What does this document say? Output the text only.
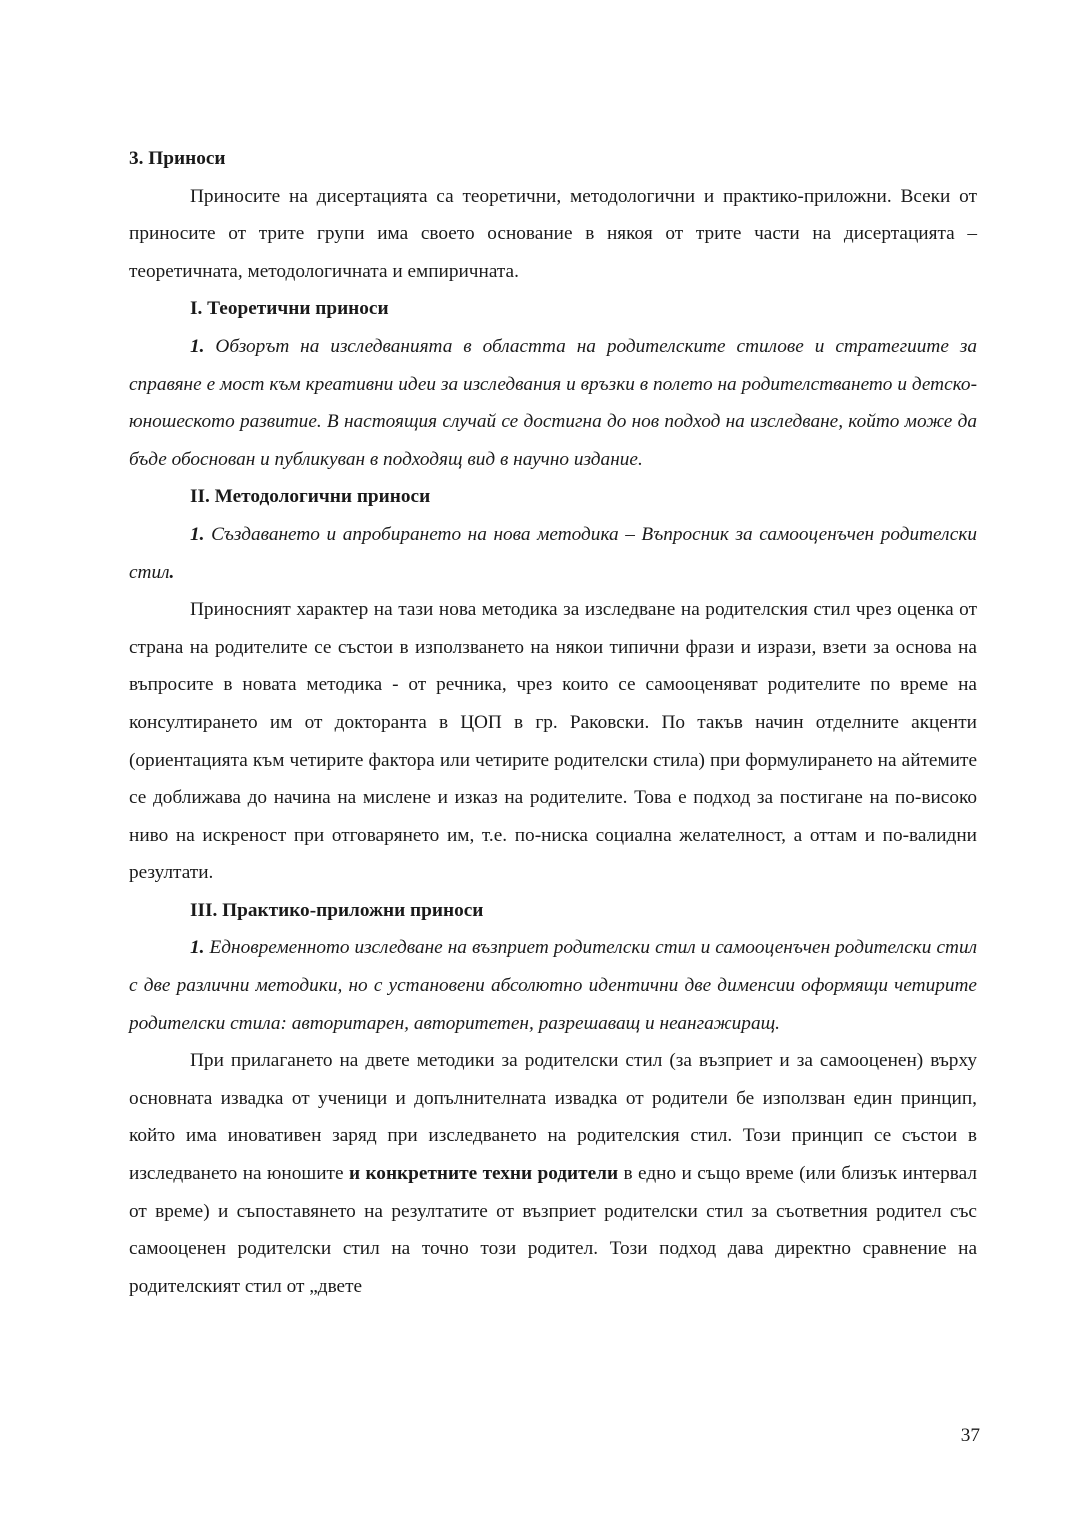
3. Приноси

Приносите на дисертацията са теоретични, методологични и практико-приложни. Всеки от приносите от трите групи има своето основание в някоя от трите части на дисертацията – теоретичната, методологичната и емпиричната.

I. Теоретични приноси

1. Обзорът на изследванията в областта на родителските стилове и стратегиите за справяне е мост към креативни идеи за изследвания и връзки в полето на родителстването и детско-юношеското развитие. В настоящия случай се достигна до нов подход на изследване, който може да бъде обоснован и публикуван в подходящ вид в научно издание.

II. Методологични приноси

1. Създаването и апробирането на нова методика – Въпросник за самооценъчен родителски стил.

Приносният характер на тази нова методика за изследване на родителския стил чрез оценка от страна на родителите се състои в използването на някои типични фрази и изрази, взети за основа на въпросите в новата методика - от речника, чрез които се самооценяват родителите по време на консултирането им от докторанта в ЦОП в гр. Раковски. По такъв начин отделните акценти (ориентацията към четирите фактора или четирите родителски стила) при формулирането на айтемите се доближава до начина на мислене и изказ на родителите. Това е подход за постигане на по-високо ниво на искреност при отговарянето им, т.е. по-ниска социална желателност, а оттам и по-валидни резултати.

III. Практико-приложни приноси

1. Едновременното изследване на възприет родителски стил и самооценъчен родителски стил с две различни методики, но с установени абсолютно идентични две дименсии оформящи четирите родителски стила: авторитарен, авторитетен, разрешаващ и неангажиращ.

При прилагането на двете методики за родителски стил (за възприет и за самооценен) върху основната извадка от ученици и допълнителната извадка от родители бе използван един принцип, който има иновативен заряд при изследването на родителския стил. Този принцип се състои в изследването на юношите и конкретните техни родители в едно и също време (или близък интервал от време) и съпоставянето на резултатите от възприет родителски стил за съответния родител със самооценен родителски стил на точно този родител. Този подход дава директно сравнение на родителският стил от „двете

37
